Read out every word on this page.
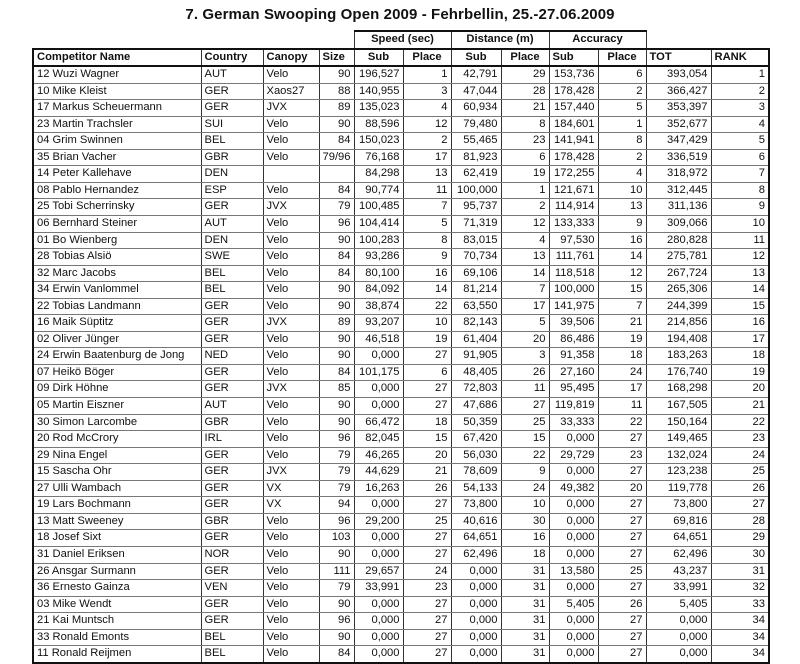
7. German Swooping Open 2009 - Fehrbellin, 25.-27.06.2009
				Speed (sec)		Distance (m)		Accuracy			
Competitor Name	Country	Canopy	Size	Sub	Place	Sub	Place	Sub	Place	TOT	RANK
12 Wuzi Wagner	AUT	Velo	90	196,527	1	42,791	29	153,736	6	393,054	1
10 Mike Kleist	GER	Xaos27	88	140,955	3	47,044	28	178,428	2	366,427	2
17 Markus Scheuermann	GER	JVX	89	135,023	4	60,934	21	157,440	5	353,397	3
23 Martin Trachsler	SUI	Velo	90	88,596	12	79,480	8	184,601	1	352,677	4
04 Grim Swinnen	BEL	Velo	84	150,023	2	55,465	23	141,941	8	347,429	5
35 Brian Vacher	GBR	Velo	79/96	76,168	17	81,923	6	178,428	2	336,519	6
14 Peter Kallehave	DEN			84,298	13	62,419	19	172,255	4	318,972	7
08 Pablo Hernandez	ESP	Velo	84	90,774	11	100,000	1	121,671	10	312,445	8
25 Tobi Scherrinsky	GER	JVX	79	100,485	7	95,737	2	114,914	13	311,136	9
06 Bernhard Steiner	AUT	Velo	96	104,414	5	71,319	12	133,333	9	309,066	10
01 Bo Wienberg	DEN	Velo	90	100,283	8	83,015	4	97,530	16	280,828	11
28 Tobias Alsiö	SWE	Velo	84	93,286	9	70,734	13	111,761	14	275,781	12
32 Marc Jacobs	BEL	Velo	84	80,100	16	69,106	14	118,518	12	267,724	13
34 Erwin Vanlommel	BEL	Velo	90	84,092	14	81,214	7	100,000	15	265,306	14
22 Tobias Landmann	GER	Velo	90	38,874	22	63,550	17	141,975	7	244,399	15
16 Maik Süptitz	GER	JVX	89	93,207	10	82,143	5	39,506	21	214,856	16
02 Oliver Jünger	GER	Velo	90	46,518	19	61,404	20	86,486	19	194,408	17
24 Erwin Baatenburg de Jong	NED	Velo	90	0,000	27	91,905	3	91,358	18	183,263	18
07 Heikö Böger	GER	Velo	84	101,175	6	48,405	26	27,160	24	176,740	19
09 Dirk Höhne	GER	JVX	85	0,000	27	72,803	11	95,495	17	168,298	20
05 Martin Eiszner	AUT	Velo	90	0,000	27	47,686	27	119,819	11	167,505	21
30 Simon Larcombe	GBR	Velo	90	66,472	18	50,359	25	33,333	22	150,164	22
20 Rod McCrory	IRL	Velo	96	82,045	15	67,420	15	0,000	27	149,465	23
29 Nina Engel	GER	Velo	79	46,265	20	56,030	22	29,729	23	132,024	24
15 Sascha Ohr	GER	JVX	79	44,629	21	78,609	9	0,000	27	123,238	25
27 Ulli Wambach	GER	VX	79	16,263	26	54,133	24	49,382	20	119,778	26
19 Lars Bochmann	GER	VX	94	0,000	27	73,800	10	0,000	27	73,800	27
13 Matt Sweeney	GBR	Velo	96	29,200	25	40,616	30	0,000	27	69,816	28
18 Josef Sixt	GER	Velo	103	0,000	27	64,651	16	0,000	27	64,651	29
31 Daniel Eriksen	NOR	Velo	90	0,000	27	62,496	18	0,000	27	62,496	30
26 Ansgar Surmann	GER	Velo	111	29,657	24	0,000	31	13,580	25	43,237	31
36 Ernesto Gainza	VEN	Velo	79	33,991	23	0,000	31	0,000	27	33,991	32
03 Mike Wendt	GER	Velo	90	0,000	27	0,000	31	5,405	26	5,405	33
21 Kai Muntsch	GER	Velo	96	0,000	27	0,000	31	0,000	27	0,000	34
33 Ronald Emonts	BEL	Velo	90	0,000	27	0,000	31	0,000	27	0,000	34
11 Ronald Reijmen	BEL	Velo	84	0,000	27	0,000	31	0,000	27	0,000	34
